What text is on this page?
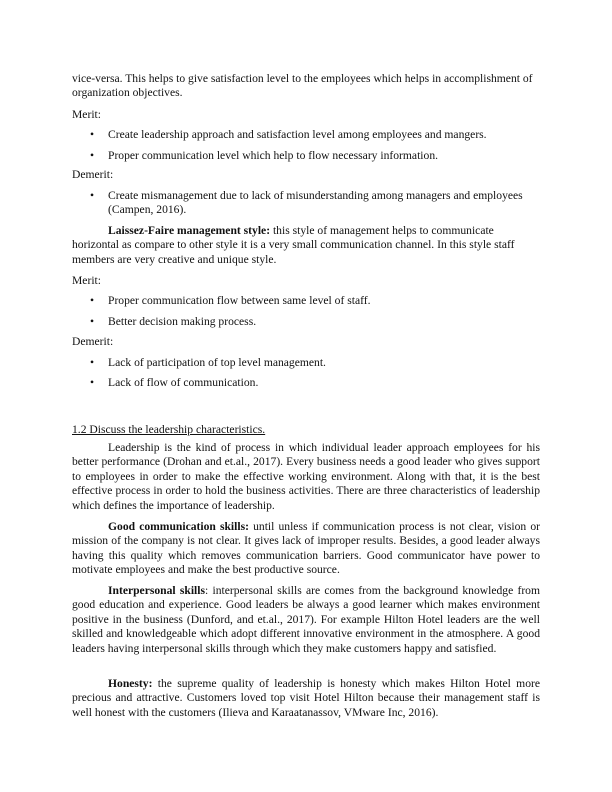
vice-versa. This helps to give satisfaction level to the employees which helps in accomplishment of organization objectives.

Merit:

• Create leadership approach and satisfaction level among employees and mangers.
• Proper communication level which help to flow necessary information.

Demerit:

• Create mismanagement due to lack of misunderstanding among managers and employees (Campen, 2016).

Laissez-Faire management style: this style of management helps to communicate horizontal as compare to other style it is a very small communication channel. In this style staff members are very creative and unique style.

Merit:

• Proper communication flow between same level of staff.
• Better decision making process.

Demerit:

• Lack of participation of top level management.
• Lack of flow of communication.

1.2 Discuss the leadership characteristics.

Leadership is the kind of process in which individual leader approach employees for his better performance (Drohan and et.al., 2017). Every business needs a good leader who gives support to employees in order to make the effective working environment. Along with that, it is the best effective process in order to hold the business activities. There are three characteristics of leadership which defines the importance of leadership.

Good communication skills: until unless if communication process is not clear, vision or mission of the company is not clear. It gives lack of improper results. Besides, a good leader always having this quality which removes communication barriers. Good communicator have power to motivate employees and make the best productive source.

Interpersonal skills: interpersonal skills are comes from the background knowledge from good education and experience. Good leaders be always a good learner which makes environment positive in the business (Dunford, and et.al., 2017). For example Hilton Hotel leaders are the well skilled and knowledgeable which adopt different innovative environment in the atmosphere. A good leaders having interpersonal skills through which they make customers happy and satisfied.

Honesty: the supreme quality of leadership is honesty which makes Hilton Hotel more precious and attractive. Customers loved top visit Hotel Hilton because their management staff is well honest with the customers (Ilieva and Karaatanassov, VMware Inc, 2016).
